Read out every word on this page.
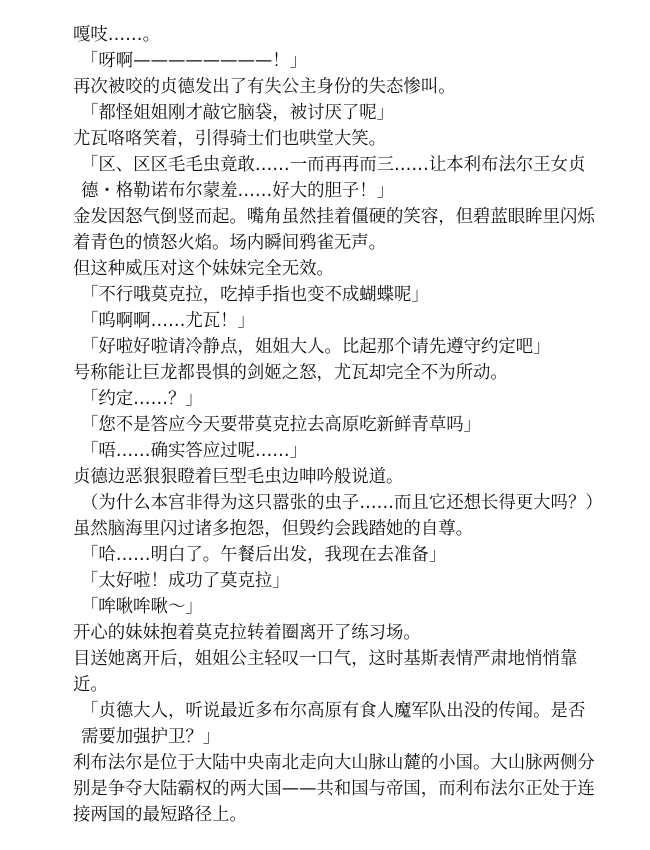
嘎吱……。

「呀啊————————！」

再次被咬的贞德发出了有失公主身份的失态惨叫。

「都怪姐姐刚才敲它脑袋，被讨厌了呢」

尤瓦咯咯笑着，引得骑士们也哄堂大笑。

「区、区区毛毛虫竟敢……一而再再而三……让本利布法尔王女贞德・格勒诺布尔蒙羞……好大的胆子！」

金发因怒气倒竖而起。嘴角虽然挂着僵硬的笑容，但碧蓝眼眸里闪烁着青色的愤怒火焰。场内瞬间鸦雀无声。

但这种威压对这个妹妹完全无效。

「不行哦莫克拉，吃掉手指也变不成蝴蝶呢」

「呜啊啊……尤瓦！」

「好啦好啦请冷静点，姐姐大人。比起那个请先遵守约定吧」

号称能让巨龙都畏惧的剑姬之怒，尤瓦却完全不为所动。

「约定……？」

「您不是答应今天要带莫克拉去高原吃新鲜青草吗」

「唔……确实答应过呢……」

贞德边恶狠狠瞪着巨型毛虫边呻吟般说道。

（为什么本宫非得为这只嚣张的虫子……而且它还想长得更大吗？）

虽然脑海里闪过诸多抱怨，但毁约会践踏她的自尊。

「哈……明白了。午餐后出发，我现在去准备」

「太好啦！成功了莫克拉」

「哞啾哞啾～」

开心的妹妹抱着莫克拉转着圈离开了练习场。

目送她离开后，姐姐公主轻叹一口气，这时基斯表情严肃地悄悄靠近。

「贞德大人，听说最近多布尔高原有食人魔军队出没的传闻。是否需要加强护卫？」

利布法尔是位于大陆中央南北走向大山脉山麓的小国。大山脉两侧分别是争夺大陆霸权的两大国——共和国与帝国，而利布法尔正处于连接两国的最短路径上。
